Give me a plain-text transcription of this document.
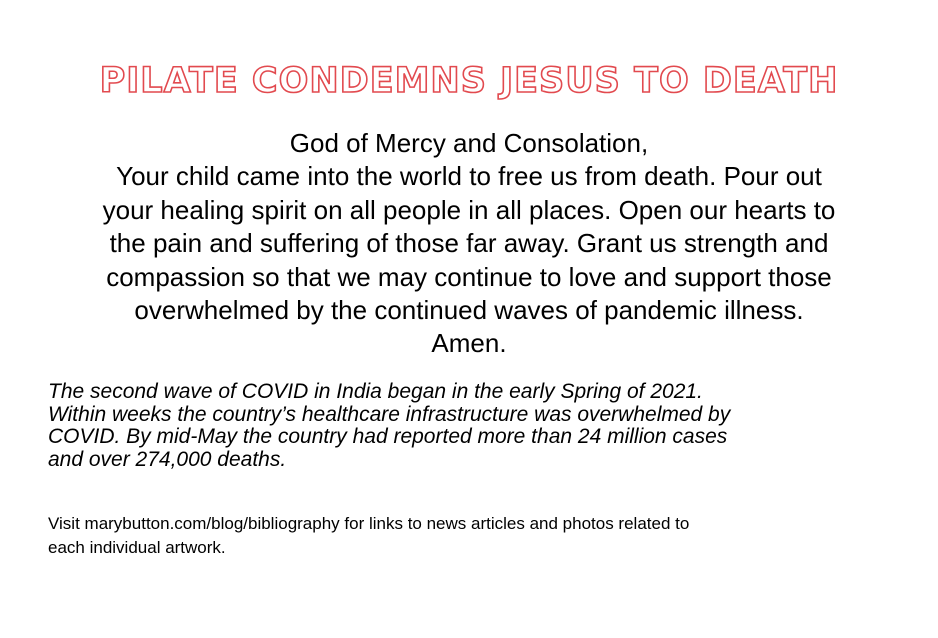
PILATE CONDEMNS JESUS TO DEATH
God of Mercy and Consolation,
Your child came into the world to free us from death. Pour out
your healing spirit on all people in all places. Open our hearts to
the pain and suffering of those far away. Grant us strength and
compassion so that we may continue to love and support those
overwhelmed by the continued waves of pandemic illness.
Amen.
The second wave of COVID in India began in the early Spring of 2021.
Within weeks the country’s healthcare infrastructure was overwhelmed by
COVID. By mid-May the country had reported more than 24 million cases
and over 274,000 deaths.
Visit marybutton.com/blog/bibliography for links to news articles and photos related to
each individual artwork.
